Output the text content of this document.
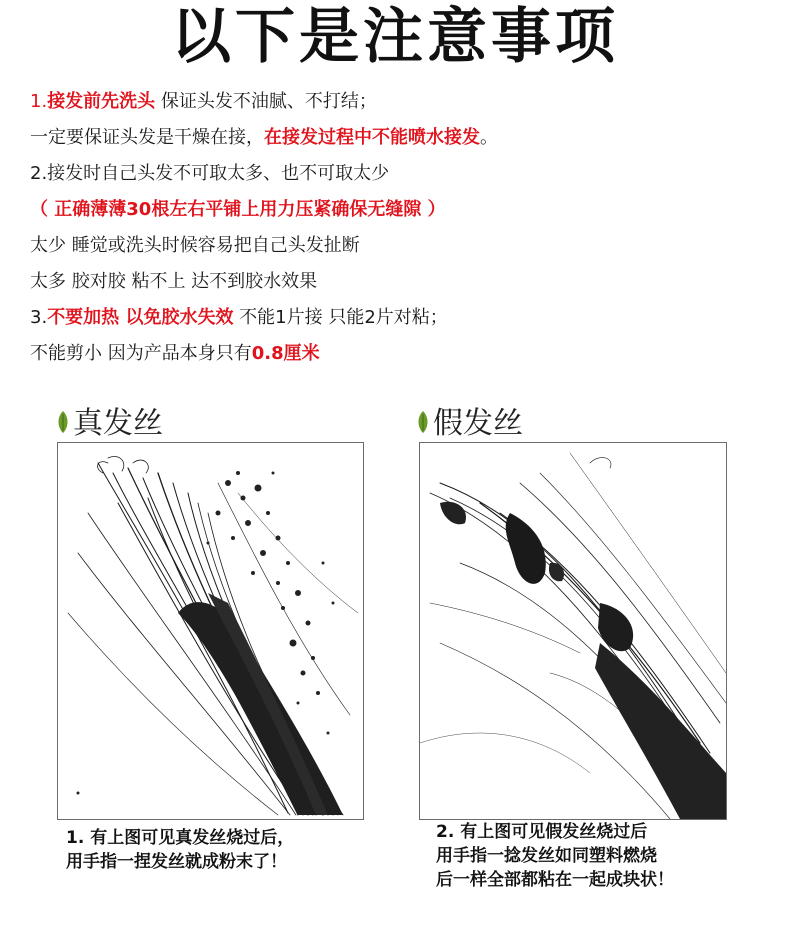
以下是注意事项
1.接发前先洗头 保证头发不油腻、不打结；
一定要保证头发是干燥在接，在接发过程中不能喷水接发。
2.接发时自己头发不可取太多、也不可取太少
（ 正确薄薄30根左右平铺上用力压紧确保无缝隙 ）
太少 睡觉或洗头时候容易把自己头发扯断
太多 胶对胶 粘不上 达不到胶水效果
3.不要加热 以免胶水失效 不能1片接 只能2片对粘；
不能剪小 因为产品本身只有0.8厘米
真发丝	假发丝
1. 有上图可见真发丝烧过后，
用手指一捏发丝就成粉末了！
2. 有上图可见假发丝烧过后
用手指一捻发丝如同塑料燃烧
后一样全部都粘在一起成块状！
